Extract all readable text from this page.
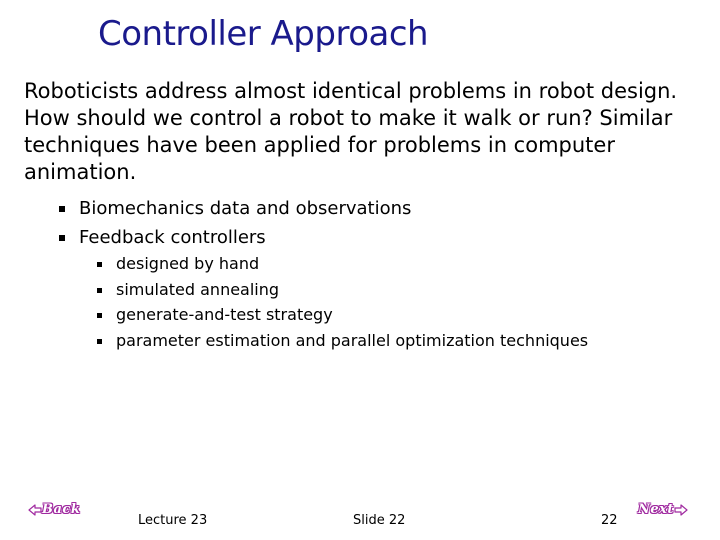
Controller Approach

Roboticists address almost identical problems in robot design. How should we control a robot to make it walk or run? Similar techniques have been applied for problems in computer animation.

Biomechanics data and observations
Feedback controllers
designed by hand
simulated annealing
generate-and-test strategy
parameter estimation and parallel optimization techniques
Back	Next
Lecture 23	Slide 22	22
